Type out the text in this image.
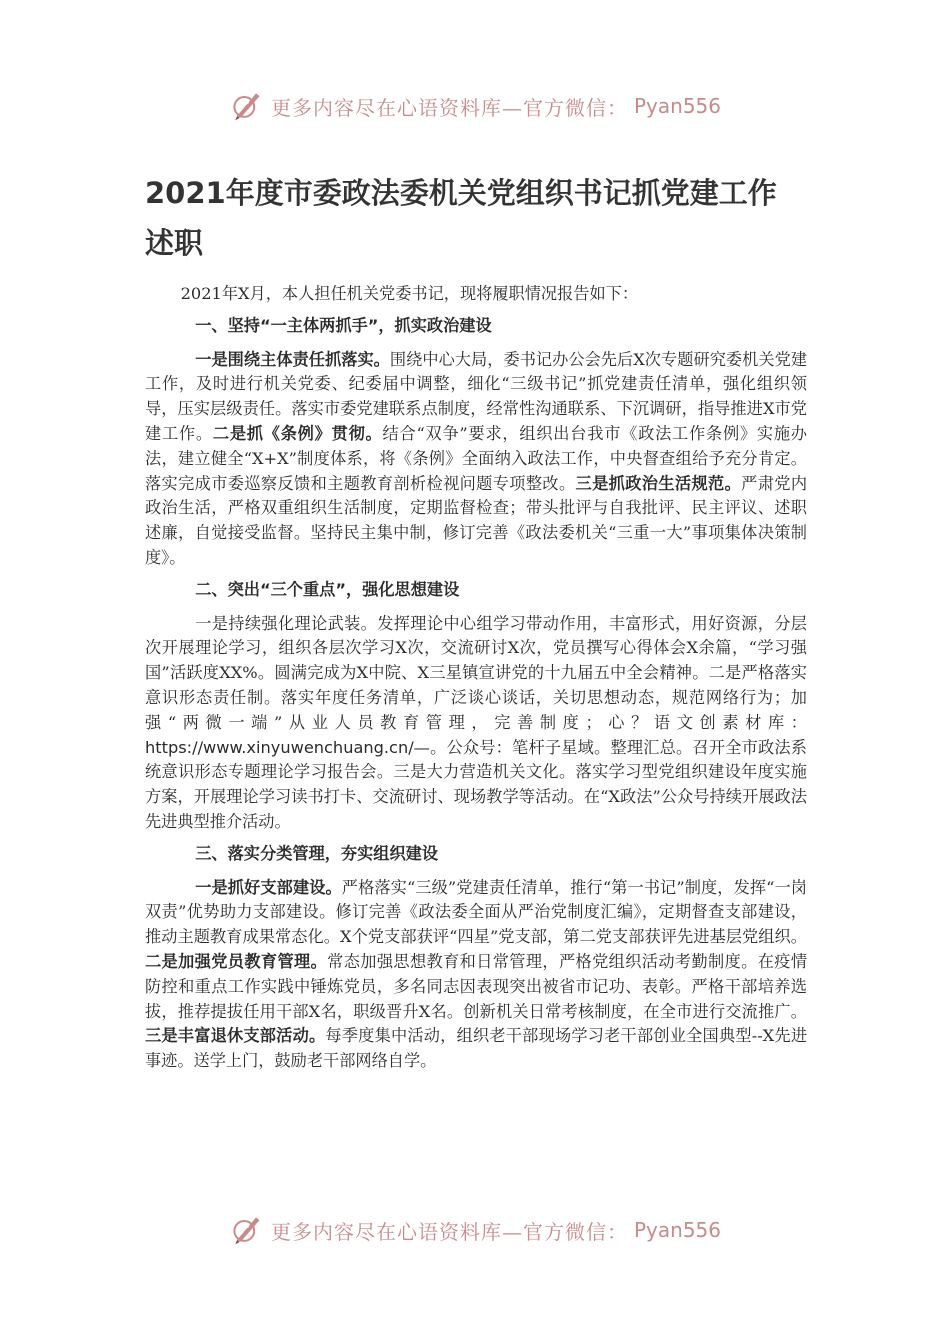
更多内容尽在心语资料库—官方微信： Pyan556
2021年度市委政法委机关党组织书记抓党建工作述职

2021年X月，本人担任机关党委书记，现将履职情况报告如下：

一、坚持“一主体两抓手”，抓实政治建设

一是围绕主体责任抓落实。围绕中心大局，委书记办公会先后X次专题研究委机关党建工作，及时进行机关党委、纪委届中调整，细化“三级书记”抓党建责任清单，强化组织领导，压实层级责任。落实市委党建联系点制度，经常性沟通联系、下沉调研，指导推进X市党建工作。二是抓《条例》贯彻。结合“双争”要求，组织出台我市《政法工作条例》实施办法，建立健全“X+X”制度体系，将《条例》全面纳入政法工作，中央督查组给予充分肯定。落实完成市委巡察反馈和主题教育剖析检视问题专项整改。三是抓政治生活规范。严肃党内政治生活，严格双重组织生活制度，定期监督检查；带头批评与自我批评、民主评议、述职述廉，自觉接受监督。坚持民主集中制，修订完善《政法委机关“三重一大”事项集体决策制度》。

二、突出“三个重点”，强化思想建设

一是持续强化理论武装。发挥理论中心组学习带动作用，丰富形式，用好资源，分层次开展理论学习，组织各层次学习X次，交流研讨X次，党员撰写心得体会X余篇，“学习强国”活跃度XX%。圆满完成为X中院、X三星镇宣讲党的十九届五中全会精神。二是严格落实意识形态责任制。落实年度任务清单，广泛谈心谈话，关切思想动态，规范网络行为；加强“两微一端”从业人员教育管理，完善制度；心？语文创素材库：https://www.xinyuwenchuang.cn/—。公众号：笔杆子星域。整理汇总。召开全市政法系统意识形态专题理论学习报告会。三是大力营造机关文化。落实学习型党组织建设年度实施方案，开展理论学习读书打卡、交流研讨、现场教学等活动。在“X政法”公众号持续开展政法先进典型推介活动。

三、落实分类管理，夯实组织建设

一是抓好支部建设。严格落实“三级”党建责任清单，推行“第一书记”制度，发挥“一岗双责”优势助力支部建设。修订完善《政法委全面从严治党制度汇编》，定期督查支部建设，推动主题教育成果常态化。X个党支部获评“四星”党支部，第二党支部获评先进基层党组织。二是加强党员教育管理。常态加强思想教育和日常管理，严格党组织活动考勤制度。在疫情防控和重点工作实践中锤炼党员，多名同志因表现突出被省市记功、表彰。严格干部培养选拔，推荐提拔任用干部X名，职级晋升X名。创新机关日常考核制度，在全市进行交流推广。三是丰富退休支部活动。每季度集中活动，组织老干部现场学习老干部创业全国典型--X先进事迹。送学上门，鼓励老干部网络自学。

更多内容尽在心语资料库—官方微信： Pyan556
